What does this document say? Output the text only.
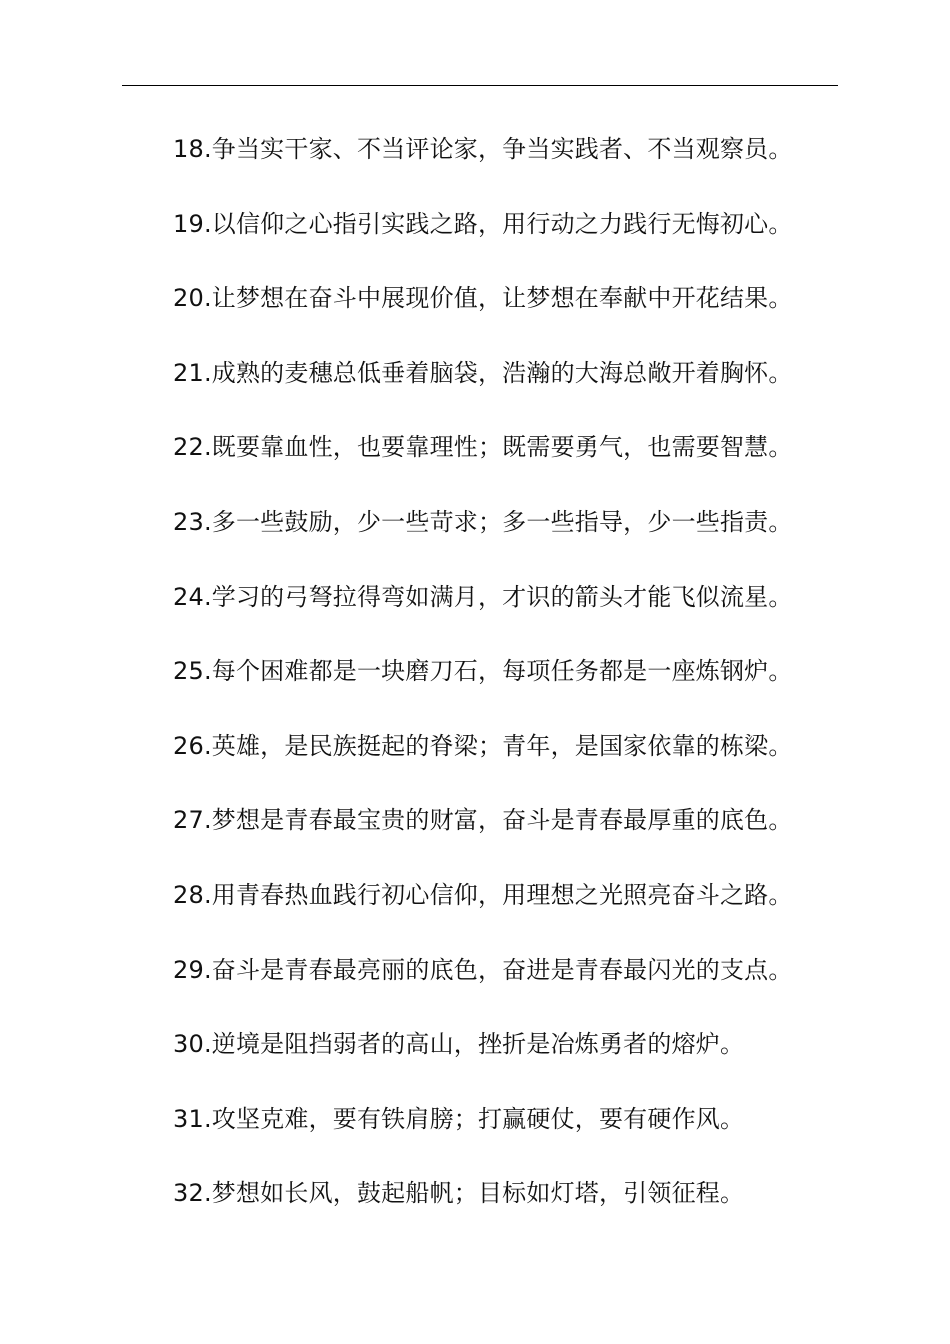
18.争当实干家、不当评论家，争当实践者、不当观察员。
19.以信仰之心指引实践之路，用行动之力践行无悔初心。
20.让梦想在奋斗中展现价值，让梦想在奉献中开花结果。
21.成熟的麦穗总低垂着脑袋，浩瀚的大海总敞开着胸怀。
22.既要靠血性，也要靠理性；既需要勇气，也需要智慧。
23.多一些鼓励，少一些苛求；多一些指导，少一些指责。
24.学习的弓弩拉得弯如满月，才识的箭头才能飞似流星。
25.每个困难都是一块磨刀石，每项任务都是一座炼钢炉。
26.英雄，是民族挺起的脊梁；青年，是国家依靠的栋梁。
27.梦想是青春最宝贵的财富，奋斗是青春最厚重的底色。
28.用青春热血践行初心信仰，用理想之光照亮奋斗之路。
29.奋斗是青春最亮丽的底色，奋进是青春最闪光的支点。
30.逆境是阻挡弱者的高山，挫折是冶炼勇者的熔炉。
31.攻坚克难，要有铁肩膀；打赢硬仗，要有硬作风。
32.梦想如长风，鼓起船帆；目标如灯塔，引领征程。
